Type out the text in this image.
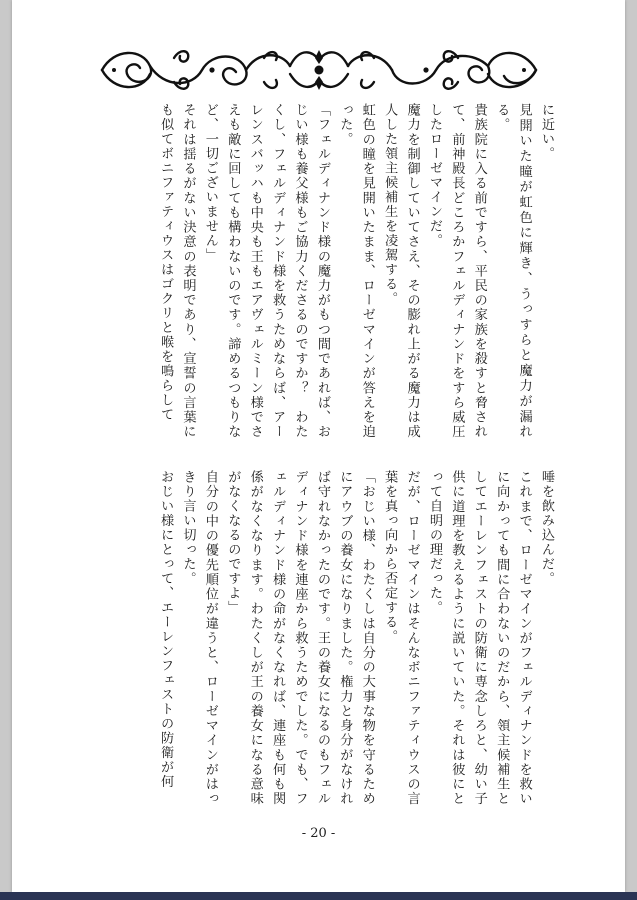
に近い。

見開いた瞳が虹色に輝き、うっすらと魔力が漏れる。

貴族院に入る前ですら、平民の家族を殺すと脅されて、前神殿長どころかフェルディナンドをすら威圧したローゼマインだ。

魔力を制御していてさえ、その膨れ上がる魔力は成人した領主候補生を凌駕する。

虹色の瞳を見開いたまま、ローゼマインが答えを迫った。

「フェルディナンド様の魔力がもつ間であれば、おじい様も養父様もご協力くださるのですか？　わたくし、フェルディナンド様を救うためならば、アーレンスバッハも中央も王もエアヴェルミーン様でさえも敵に回しても構わないのです。諦めるつもりなど、一切ございません」

それは揺るがない決意の表明であり、宣誓の言葉にも似てボニファティウスはゴクリと喉を鳴らして

唾を飲み込んだ。

これまで、ローゼマインがフェルディナンドを救いに向かっても間に合わないのだから、領主候補生としてエーレンフェストの防衛に専念しろと、幼い子供に道理を教えるように説いていた。それは彼にとって自明の理だった。

だが、ローゼマインはそんなボニファティウスの言葉を真っ向から否定する。

「おじい様、わたくしは自分の大事な物を守るためにアウブの養女になりました。権力と身分がなければ守れなかったのです。王の養女になるのもフェルディナンド様を連座から救うためでした。でも、フェルディナンド様の命がなくなれば、連座も何も関係がなくなります。わたくしが王の養女になる意味がなくなるのですよ」

自分の中の優先順位が違うと、ローゼマインがはっきり言い切った。

おじい様にとって、エーレンフェストの防衛が何

- 20 -
